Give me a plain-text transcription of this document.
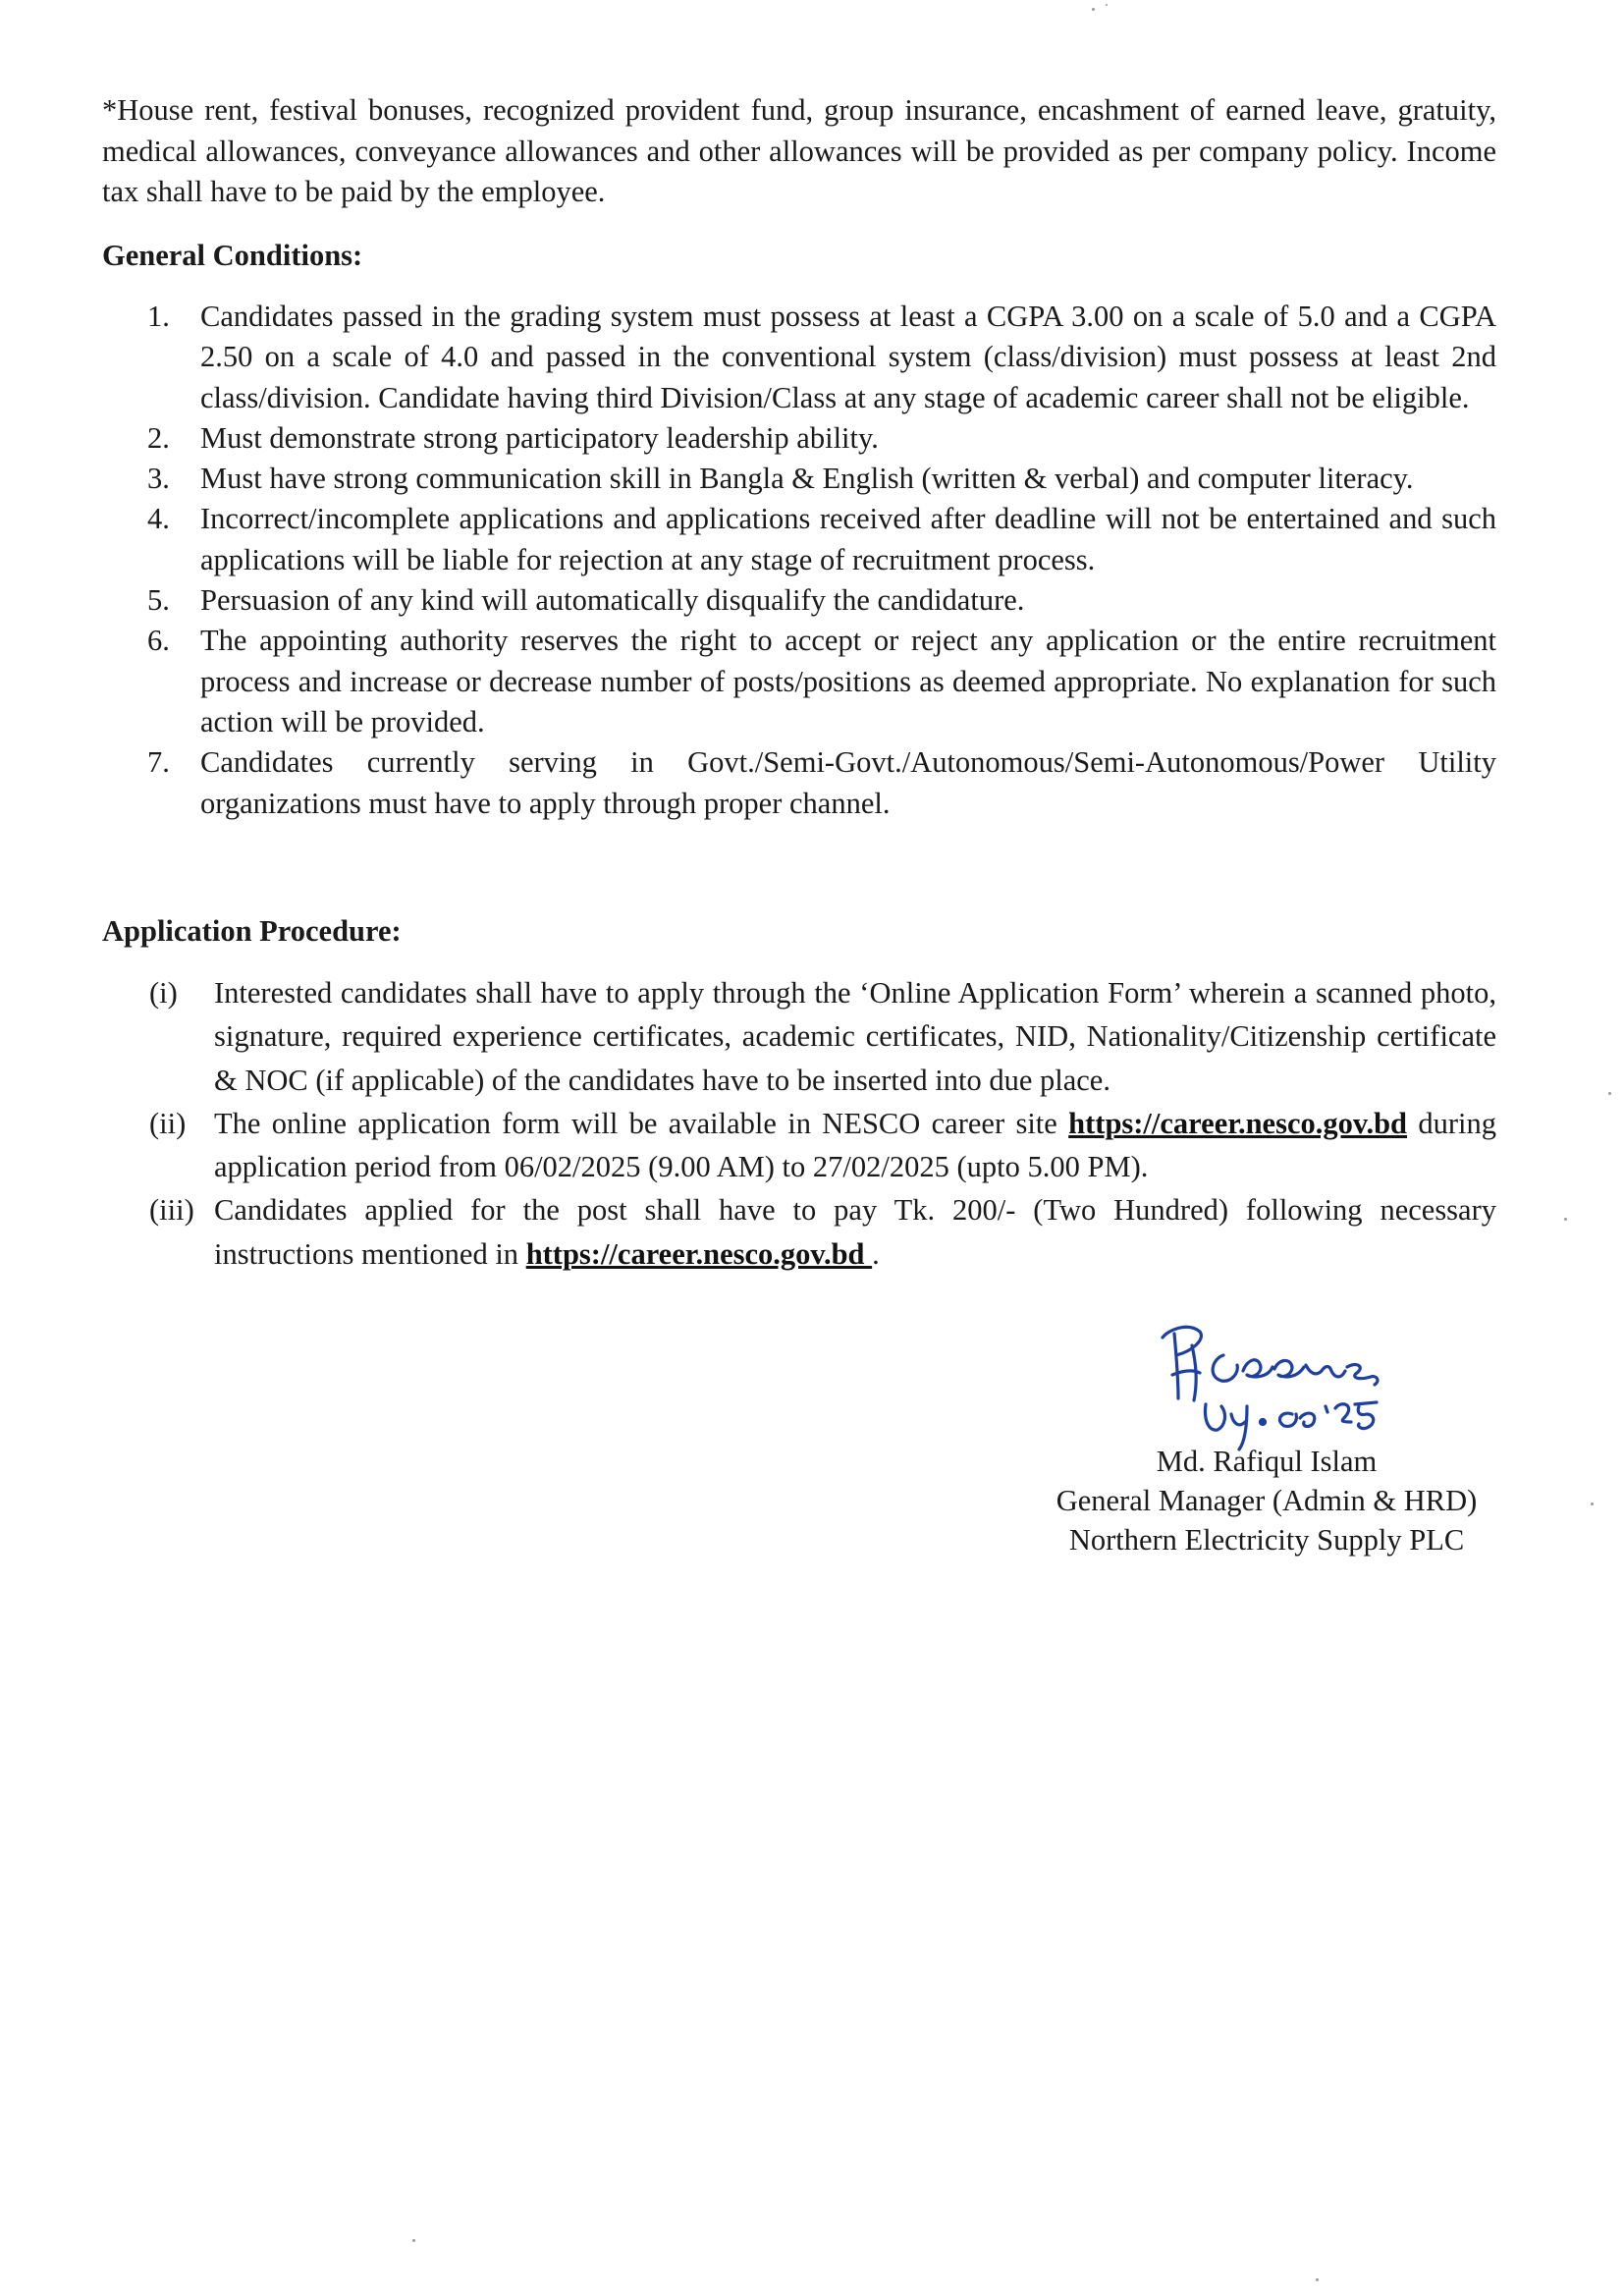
*House rent, festival bonuses, recognized provident fund, group insurance, encashment of earned leave, gratuity, medical allowances, conveyance allowances and other allowances will be provided as per company policy. Income tax shall have to be paid by the employee.
General Conditions:
1. Candidates passed in the grading system must possess at least a CGPA 3.00 on a scale of 5.0 and a CGPA 2.50 on a scale of 4.0 and passed in the conventional system (class/division) must possess at least 2nd class/division. Candidate having third Division/Class at any stage of academic career shall not be eligible.
2. Must demonstrate strong participatory leadership ability.
3. Must have strong communication skill in Bangla & English (written & verbal) and computer literacy.
4. Incorrect/incomplete applications and applications received after deadline will not be entertained and such applications will be liable for rejection at any stage of recruitment process.
5. Persuasion of any kind will automatically disqualify the candidature.
6. The appointing authority reserves the right to accept or reject any application or the entire recruitment process and increase or decrease number of posts/positions as deemed appropriate. No explanation for such action will be provided.
7. Candidates currently serving in Govt./Semi-Govt./Autonomous/Semi-Autonomous/Power Utility organizations must have to apply through proper channel.
Application Procedure:
(i) Interested candidates shall have to apply through the ‘Online Application Form’ wherein a scanned photo, signature, required experience certificates, academic certificates, NID, Nationality/Citizenship certificate & NOC (if applicable) of the candidates have to be inserted into due place.
(ii) The online application form will be available in NESCO career site https://career.nesco.gov.bd during application period from 06/02/2025 (9.00 AM) to 27/02/2025 (upto 5.00 PM).
(iii) Candidates applied for the post shall have to pay Tk. 200/- (Two Hundred) following necessary instructions mentioned in https://career.nesco.gov.bd .
Md. Rafiqul Islam
General Manager (Admin & HRD)
Northern Electricity Supply PLC
